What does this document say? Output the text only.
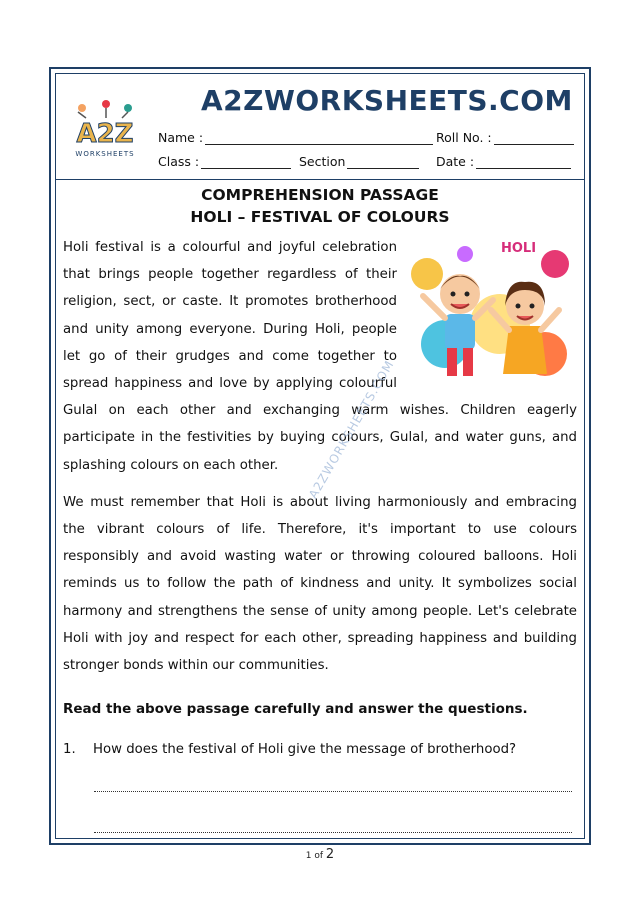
A2Z
WORKSHEETS
A2ZWORKSHEETS.COM
Name :	Roll No. :
Class :	Section	Date :
COMPREHENSION PASSAGE
HOLI – FESTIVAL OF COLOURS
HOLI

Holi festival is a colourful and joyful celebration that brings people together regardless of their religion, sect, or caste. It promotes brotherhood and unity among everyone. During Holi, people let go of their grudges and come together to spread happiness and love by applying colourful Gulal on each other and exchanging warm wishes. Children eagerly participate in the festivities by buying colours, Gulal, and water guns, and splashing colours on each other.

We must remember that Holi is about living harmoniously and embracing the vibrant colours of life. Therefore, it's important to use colours responsibly and avoid wasting water or throwing coloured balloons. Holi reminds us to follow the path of kindness and unity. It symbolizes social harmony and strengthens the sense of unity among people. Let's celebrate Holi with joy and respect for each other, spreading happiness and building stronger bonds within our communities.

A2ZWORKSHEETS.COM
Read the above passage carefully and answer the questions.
1. How does the festival of Holi give the message of brotherhood?
1 of 2
